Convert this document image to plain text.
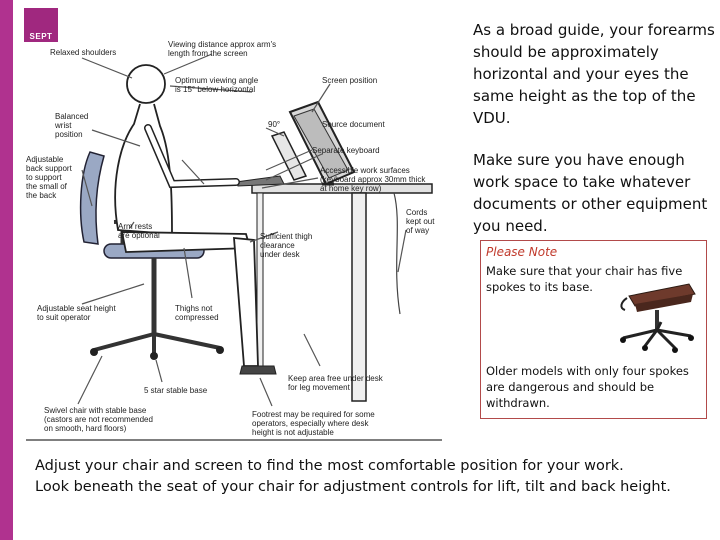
SEPT
Relaxed shoulders
Viewing distance approx arm's
length from the screen
Optimum viewing angle
is 15° below horizontal
Screen position
Balanced
wrist
position
90°	Source document
Separate keyboard
Adjustable
back support
to support
the small of
the back
Accessible work surfaces
(keyboard approx 30mm thick
at home key row)
Cords
kept out
of way
Arm rests
are optional	Sufficient thigh
clearance
under desk
Adjustable seat height
to suit operator
Thighs not
compressed
Keep area free under desk
for leg movement
5 star stable base
Swivel chair with stable base
(castors are not recommended
on smooth, hard floors)
Footrest may be required for some
operators, especially where desk
height is not adjustable
As a broad guide, your forearms should be approximately horizontal and your eyes the same height as the top of the VDU.
Make sure you have enough work space to take whatever documents or other equipment you need.
Please Note
Make sure that your chair has five spokes to its base.
Older models with only four spokes are dangerous and should be withdrawn.
Adjust your chair and screen to find the most comfortable position for your work.
Look beneath the seat of your chair for adjustment controls for lift, tilt and back height.
